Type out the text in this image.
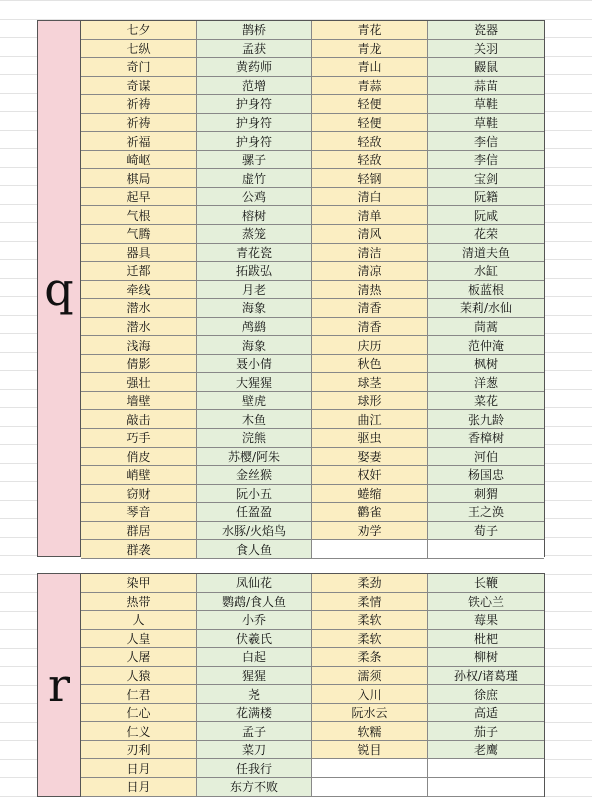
q
七夕	鹊桥	青花	瓷器
七纵	孟获	青龙	关羽
奇门	黄药师	青山	鼹鼠
奇谋	范增	青蒜	蒜苗
祈祷	护身符	轻便	草鞋
祈祷	护身符	轻便	草鞋
祈福	护身符	轻敌	李信
崎岖	骡子	轻敌	李信
棋局	虚竹	轻钢	宝剑
起早	公鸡	清白	阮籍
气根	榕树	清单	阮咸
气腾	蒸笼	清风	花荣
器具	青花瓷	清洁	清道夫鱼
迁都	拓跋弘	清凉	水缸
牵线	月老	清热	板蓝根
潜水	海象	清香	茉莉/水仙
潜水	鸬鹚	清香	茼蒿
浅海	海象	庆历	范仲淹
倩影	聂小倩	秋色	枫树
强壮	大猩猩	球茎	洋葱
墙壁	壁虎	球形	菜花
敲击	木鱼	曲江	张九龄
巧手	浣熊	驱虫	香樟树
俏皮	苏樱/阿朱	娶妻	河伯
峭壁	金丝猴	权奸	杨国忠
窃财	阮小五	蜷缩	刺猬
琴音	任盈盈	鹳雀	王之涣
群居	水豚/火焰鸟	劝学	荀子
群袭	食人鱼
r
染甲	凤仙花	柔劲	长鞭
热带	鹦鹉/食人鱼	柔情	铁心兰
人	小乔	柔软	莓果
人皇	伏羲氏	柔软	枇杷
人屠	白起	柔条	柳树
人猿	猩猩	濡须	孙权/诸葛瑾
仁君	尧	入川	徐庶
仁心	花满楼	阮水云	高适
仁义	孟子	软糯	茄子
刃利	菜刀	锐目	老鹰
日月	任我行
日月	东方不败
